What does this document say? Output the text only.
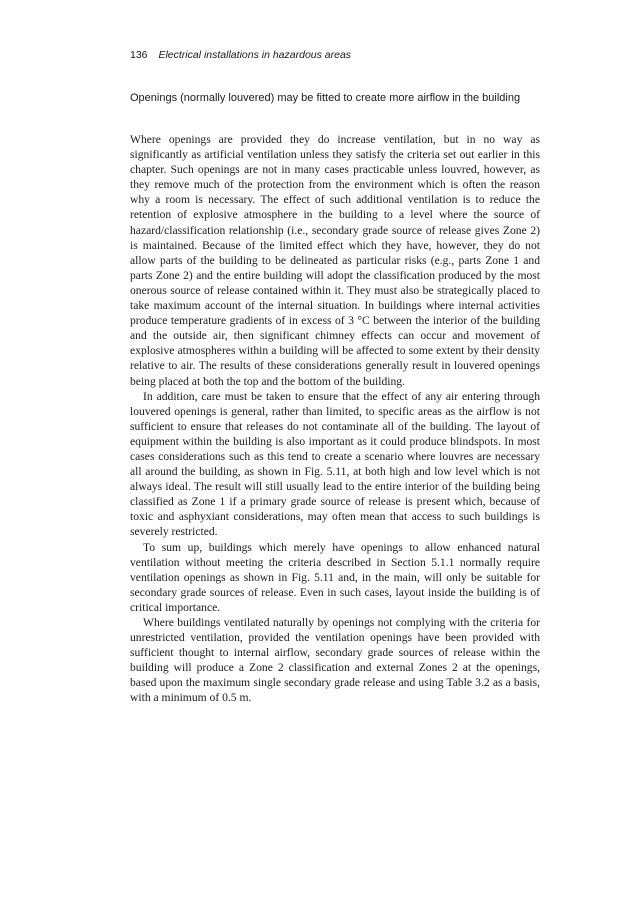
136 Electrical installations in hazardous areas
Openings (normally louvered) may be fitted to create more airflow in the building

Where openings are provided they do increase ventilation, but in no way as significantly as artificial ventilation unless they satisfy the criteria set out earlier in this chapter. Such openings are not in many cases practicable unless louvred, however, as they remove much of the protection from the environment which is often the reason why a room is necessary. The effect of such additional ventilation is to reduce the retention of explosive atmosphere in the building to a level where the source of hazard/classification relationship (i.e., secondary grade source of release gives Zone 2) is maintained. Because of the limited effect which they have, however, they do not allow parts of the building to be delineated as particular risks (e.g., parts Zone 1 and parts Zone 2) and the entire building will adopt the classification produced by the most onerous source of release contained within it. They must also be strategically placed to take maximum account of the internal situation. In buildings where internal activities produce temperature gradients of in excess of 3 °C between the interior of the building and the outside air, then significant chimney effects can occur and movement of explosive atmospheres within a building will be affected to some extent by their density relative to air. The results of these considerations generally result in louvered openings being placed at both the top and the bottom of the building.

In addition, care must be taken to ensure that the effect of any air entering through louvered openings is general, rather than limited, to specific areas as the airflow is not sufficient to ensure that releases do not contaminate all of the building. The layout of equipment within the building is also important as it could produce blindspots. In most cases considerations such as this tend to create a scenario where louvres are necessary all around the building, as shown in Fig. 5.11, at both high and low level which is not always ideal. The result will still usually lead to the entire interior of the building being classified as Zone 1 if a primary grade source of release is present which, because of toxic and asphyxiant considerations, may often mean that access to such buildings is severely restricted.

To sum up, buildings which merely have openings to allow enhanced natural ventilation without meeting the criteria described in Section 5.1.1 normally require ventilation openings as shown in Fig. 5.11 and, in the main, will only be suitable for secondary grade sources of release. Even in such cases, layout inside the building is of critical importance.

Where buildings ventilated naturally by openings not complying with the criteria for unrestricted ventilation, provided the ventilation openings have been provided with sufficient thought to internal airflow, secondary grade sources of release within the building will produce a Zone 2 classification and external Zones 2 at the openings, based upon the maximum single secondary grade release and using Table 3.2 as a basis, with a minimum of 0.5 m.
